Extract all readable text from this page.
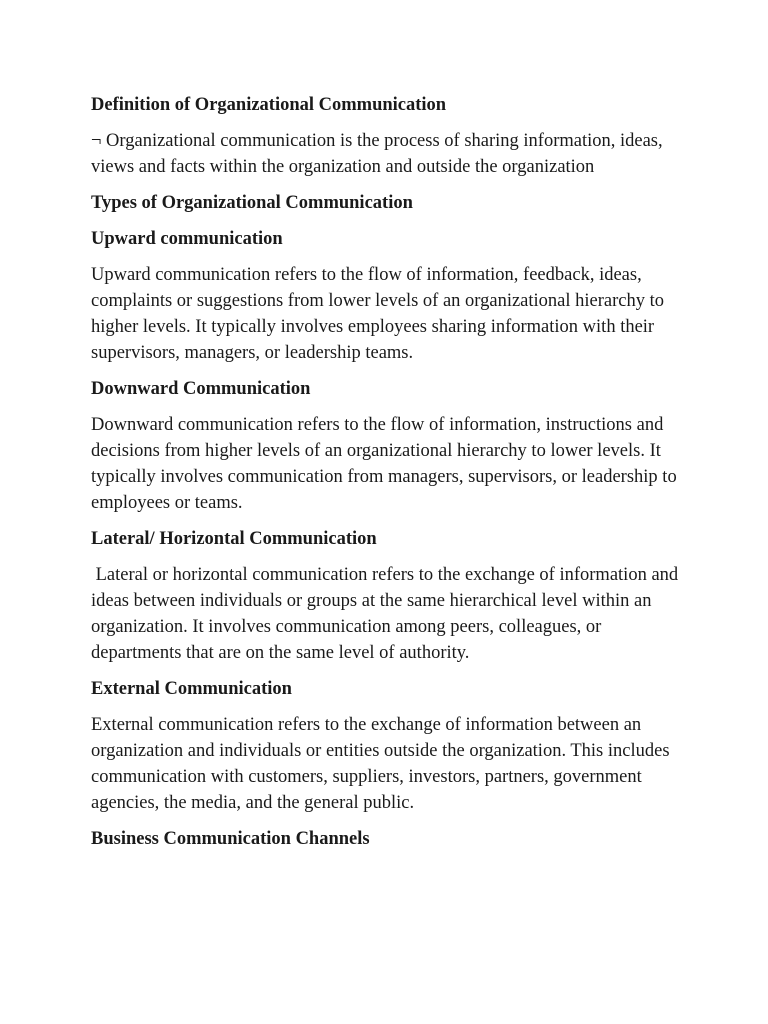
Definition of Organizational Communication
¬ Organizational communication is the process of sharing information, ideas, views and facts within the organization and outside the organization
Types of Organizational Communication
Upward communication
Upward communication refers to the flow of information, feedback, ideas, complaints or suggestions from lower levels of an organizational hierarchy to higher levels. It typically involves employees sharing information with their supervisors, managers, or leadership teams.
Downward Communication
Downward communication refers to the flow of information, instructions and decisions from higher levels of an organizational hierarchy to lower levels. It typically involves communication from managers, supervisors, or leadership to employees or teams.
Lateral/ Horizontal Communication
Lateral or horizontal communication refers to the exchange of information and ideas between individuals or groups at the same hierarchical level within an organization. It involves communication among peers, colleagues, or departments that are on the same level of authority.
External Communication
External communication refers to the exchange of information between an organization and individuals or entities outside the organization. This includes communication with customers, suppliers, investors, partners, government agencies, the media, and the general public.
Business Communication Channels
